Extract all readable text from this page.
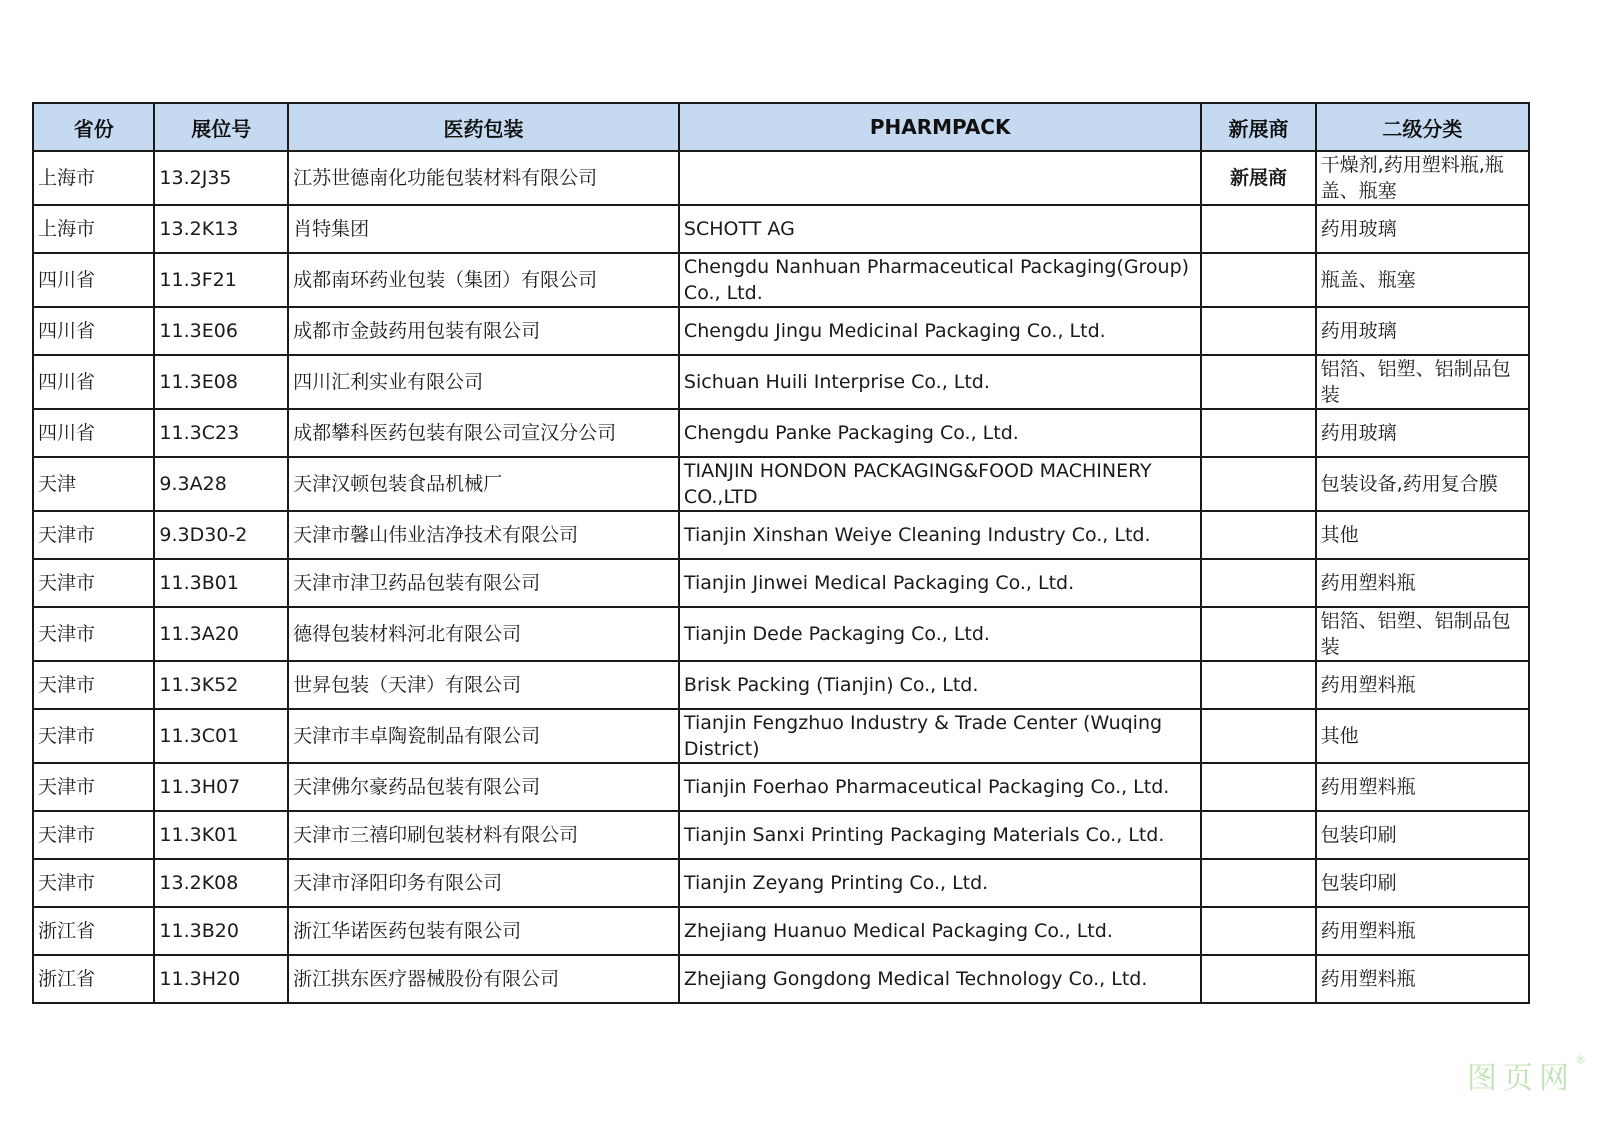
省份	展位号	医药包装	PHARMPACK	新展商	二级分类
上海市	13.2J35	江苏世德南化功能包装材料有限公司		新展商	干燥剂,药用塑料瓶,瓶盖、瓶塞
上海市	13.2K13	肖特集团	SCHOTT AG		药用玻璃
四川省	11.3F21	成都南环药业包装（集团）有限公司	Chengdu Nanhuan Pharmaceutical Packaging(Group) Co., Ltd.		瓶盖、瓶塞
四川省	11.3E06	成都市金鼓药用包装有限公司	Chengdu Jingu Medicinal Packaging Co., Ltd.		药用玻璃
四川省	11.3E08	四川汇利实业有限公司	Sichuan Huili Interprise Co., Ltd.		铝箔、铝塑、铝制品包装
四川省	11.3C23	成都攀科医药包装有限公司宣汉分公司	Chengdu Panke Packaging Co., Ltd.		药用玻璃
天津	9.3A28	天津汉顿包装食品机械厂	TIANJIN HONDON PACKAGING&FOOD MACHINERY CO.,LTD		包装设备,药用复合膜
天津市	9.3D30-2	天津市馨山伟业洁净技术有限公司	Tianjin Xinshan Weiye Cleaning Industry Co., Ltd.		其他
天津市	11.3B01	天津市津卫药品包装有限公司	Tianjin Jinwei Medical Packaging Co., Ltd.		药用塑料瓶
天津市	11.3A20	德得包装材料河北有限公司	Tianjin Dede Packaging Co., Ltd.		铝箔、铝塑、铝制品包装
天津市	11.3K52	世昇包装（天津）有限公司	Brisk Packing (Tianjin) Co., Ltd.		药用塑料瓶
天津市	11.3C01	天津市丰卓陶瓷制品有限公司	Tianjin Fengzhuo Industry & Trade Center (Wuqing District)		其他
天津市	11.3H07	天津佛尔豪药品包装有限公司	Tianjin Foerhao Pharmaceutical Packaging Co., Ltd.		药用塑料瓶
天津市	11.3K01	天津市三禧印刷包装材料有限公司	Tianjin Sanxi Printing Packaging Materials Co., Ltd.		包装印刷
天津市	13.2K08	天津市泽阳印务有限公司	Tianjin Zeyang Printing Co., Ltd.		包装印刷
浙江省	11.3B20	浙江华诺医药包装有限公司	Zhejiang Huanuo Medical Packaging Co., Ltd.		药用塑料瓶
浙江省	11.3H20	浙江拱东医疗器械股份有限公司	Zhejiang Gongdong Medical Technology Co., Ltd.		药用塑料瓶
图页网®
